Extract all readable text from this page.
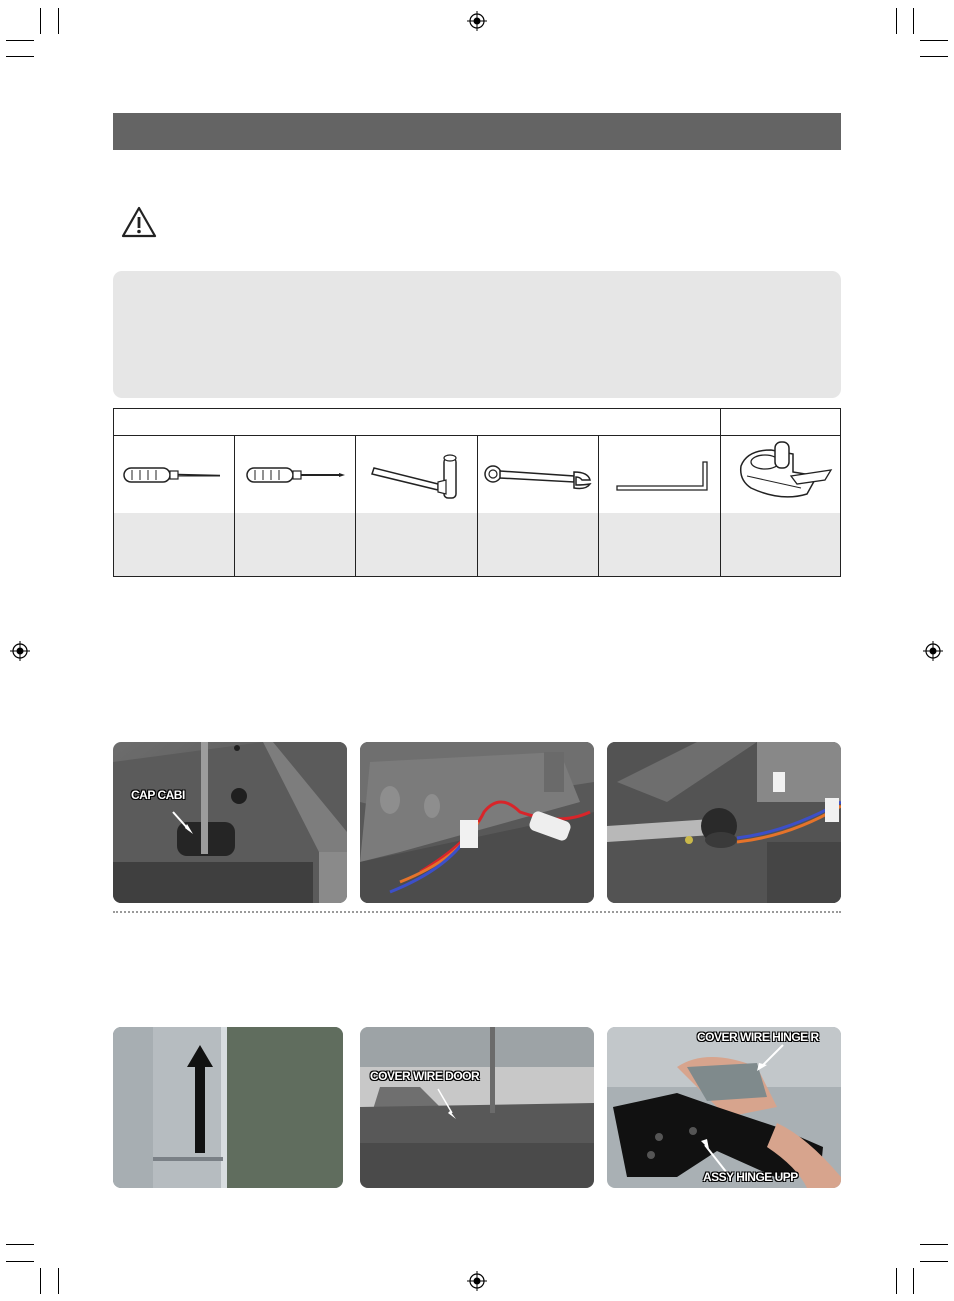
CAP CABI
COVER WIRE DOOR
COVER WIRE HINGE R
ASSY HINGE UPP
